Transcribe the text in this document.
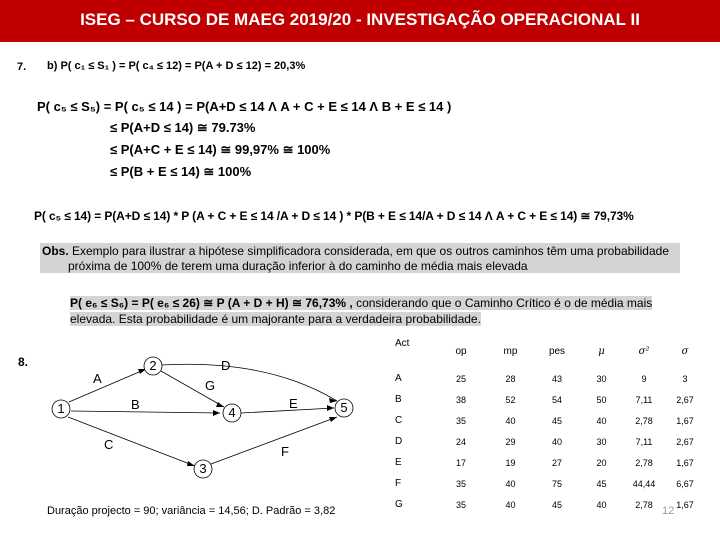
ISEG – CURSO DE MAEG 2019/20 - INVESTIGAÇÃO OPERACIONAL II
7. b) P( c₁ ≤ S₁ ) = P( c₄ ≤ 12) = P(A + D ≤ 12) = 20,3%
P( c₅ ≤ S₅) = P( c₅ ≤ 14 ) = P(A+D ≤ 14 Λ A + C + E ≤ 14 Λ B + E ≤ 14 )
≤ P(A+D ≤ 14) ≅ 79.73%
≤ P(A+C + E ≤ 14) ≅ 99,97% ≅ 100%
≤ P(B + E ≤ 14) ≅ 100%
P( c₅ ≤ 14) = P(A+D ≤ 14) * P (A + C + E ≤ 14 /A + D ≤ 14 ) * P(B + E ≤ 14/A + D ≤ 14 Λ A + C + E ≤ 14) ≅ 79,73%
Obs. Exemplo para ilustrar a hipótese simplificadora considerada, em que os outros caminhos têm uma probabilidade
próxima de 100% de terem uma duração inferior à do caminho de média mais elevada
P( e₆ ≤ S₆) = P( e₆ ≤ 26) ≅ P (A + D + H) ≅ 76,73% , considerando que o Caminho Crítico é o de média mais
elevada. Esta probabilidade é um majorante para a verdadeira probabilidade.
8.
1
2
3
4	5
A
B
C
D
E
F
G
Duração projecto = 90; variância = 14,56; D. Padrão = 3,82
Act	op	mp	pes	μ	σ²	σ
A	25	28	43	30	9	3
B	38	52	54	50	7,11	2,67
C	35	40	45	40	2,78	1,67
D	24	29	40	30	7,11	2,67
E	17	19	27	20	2,78	1,67
F	35	40	75	45	44,44	6,67
G	35	40	45	40	2,78	1,67
12
